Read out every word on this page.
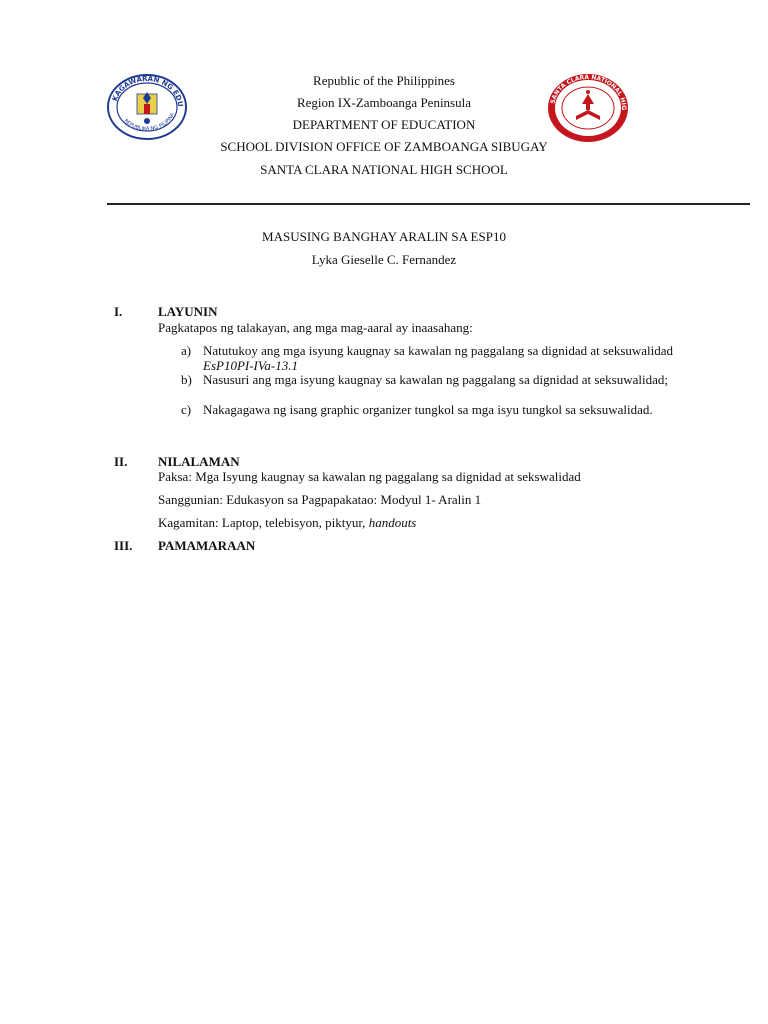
KAGAWARAN NG EDU
REPUBLIKA NG PILIPINA
SANTA CLARA NATIONAL HIG
Republic of the Philippines
Region IX-Zamboanga Peninsula
DEPARTMENT OF EDUCATION
SCHOOL DIVISION OFFICE OF ZAMBOANGA SIBUGAY
SANTA CLARA NATIONAL HIGH SCHOOL
MASUSING BANGHAY ARALIN SA ESP10
Lyka Gieselle C. Fernandez
I.	LAYUNIN
Pagkatapos ng talakayan, ang mga mag-aaral ay inaasahang:
a) Natutukoy ang mga isyung kaugnay sa kawalan ng paggalang sa dignidad at seksuwalidad EsP10PI-IVa-13.1
b) Nasusuri ang mga isyung kaugnay sa kawalan ng paggalang sa dignidad at seksuwalidad;
c) Nakagagawa ng isang graphic organizer tungkol sa mga isyu tungkol sa seksuwalidad.
II. NILALAMAN
Paksa: Mga Isyung kaugnay sa kawalan ng paggalang sa dignidad at sekswalidad
Sanggunian: Edukasyon sa Pagpapakatao: Modyul 1- Aralin 1
Kagamitan: Laptop, telebisyon, piktyur, handouts
III. PAMAMARAAN
